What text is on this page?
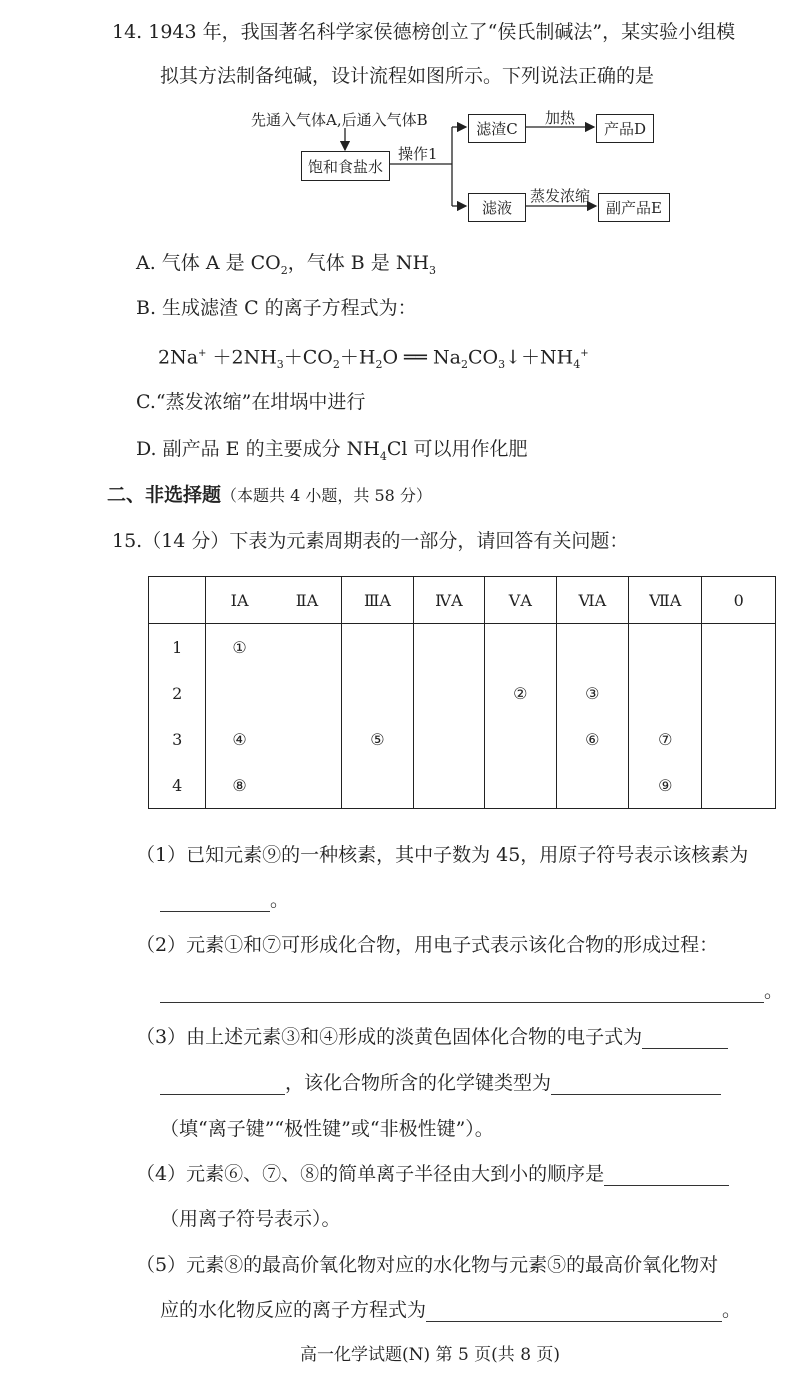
14. 1943 年，我国著名科学家侯德榜创立了“侯氏制碱法”，某实验小组模
拟其方法制备纯碱，设计流程如图所示。下列说法正确的是
先通入气体A,后通入气体B
饱和食盐水
操作1
滤渣C
加热
产品D
滤液
蒸发浓缩
副产品E
A. 气体 A 是 $CO_2$，气体 B 是 $NH_3$
B. 生成滤渣 C 的离子方程式为：
$2Na^+ +2NH_3+CO_2+H_2O$ ══ $Na_2CO_3↓+NH_4^+$
C.“蒸发浓缩”在坩埚中进行
D. 副产品 E 的主要成分 $NH_4Cl$ 可以用作化肥
二、非选择题（本题共 4 小题，共 58 分）
15.（14 分）下表为元素周期表的一部分，请回答有关问题：
	ⅠA	ⅡA	ⅢA	ⅣA	ⅤA	ⅥA	ⅦA	0
1	①							
2					②	③		
3	④		⑤			⑥	⑦	
4	⑧						⑨	
（1）已知元素⑨的一种核素，其中子数为 45，用原子符号表示该核素为
。
（2）元素①和⑦可形成化合物，用电子式表示该化合物的形成过程：
。
（3）由上述元素③和④形成的淡黄色固体化合物的电子式为
，该化合物所含的化学键类型为
（填“离子键”“极性键”或“非极性键”）。
（4）元素⑥、⑦、⑧的简单离子半径由大到小的顺序是
（用离子符号表示）。
（5）元素⑧的最高价氧化物对应的水化物与元素⑤的最高价氧化物对
应的水化物反应的离子方程式为	。
高一化学试题(N) 第 5 页(共 8 页)
